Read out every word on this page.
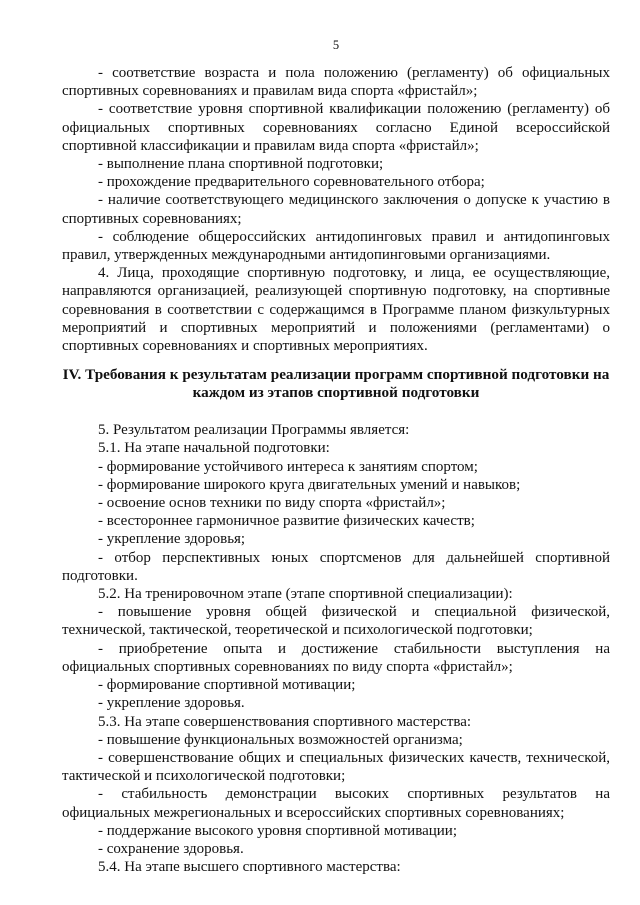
5

- соответствие возраста и пола положению (регламенту) об официальных спортивных соревнованиях и правилам вида спорта «фристайл»;

- соответствие уровня спортивной квалификации положению (регламенту) об официальных спортивных соревнованиях согласно Единой всероссийской спортивной классификации и правилам вида спорта «фристайл»;

- выполнение плана спортивной подготовки;

- прохождение предварительного соревновательного отбора;

- наличие соответствующего медицинского заключения о допуске к участию в спортивных соревнованиях;

- соблюдение общероссийских антидопинговых правил и антидопинговых правил, утвержденных международными антидопинговыми организациями.

4. Лица, проходящие спортивную подготовку, и лица, ее осуществляющие, направляются организацией, реализующей спортивную подготовку, на спортивные соревнования в соответствии с содержащимся в Программе планом физкультурных мероприятий и спортивных мероприятий и положениями (регламентами) о спортивных соревнованиях и спортивных мероприятиях.

IV. Требования к результатам реализации программ спортивной подготовки на каждом из этапов спортивной подготовки

5. Результатом реализации Программы является:

5.1. На этапе начальной подготовки:

- формирование устойчивого интереса к занятиям спортом;

- формирование широкого круга двигательных умений и навыков;

- освоение основ техники по виду спорта «фристайл»;

- всестороннее гармоничное развитие физических качеств;

- укрепление здоровья;

- отбор перспективных юных спортсменов для дальнейшей спортивной подготовки.

5.2. На тренировочном этапе (этапе спортивной специализации):

- повышение уровня общей физической и специальной физической, технической, тактической, теоретической и психологической подготовки;

- приобретение опыта и достижение стабильности выступления на официальных спортивных соревнованиях по виду спорта «фристайл»;

- формирование спортивной мотивации;

- укрепление здоровья.

5.3. На этапе совершенствования спортивного мастерства:

- повышение функциональных возможностей организма;

- совершенствование общих и специальных физических качеств, технической, тактической и психологической подготовки;

- стабильность демонстрации высоких спортивных результатов на официальных межрегиональных и всероссийских спортивных соревнованиях;

- поддержание высокого уровня спортивной мотивации;

- сохранение здоровья.

5.4. На этапе высшего спортивного мастерства:
